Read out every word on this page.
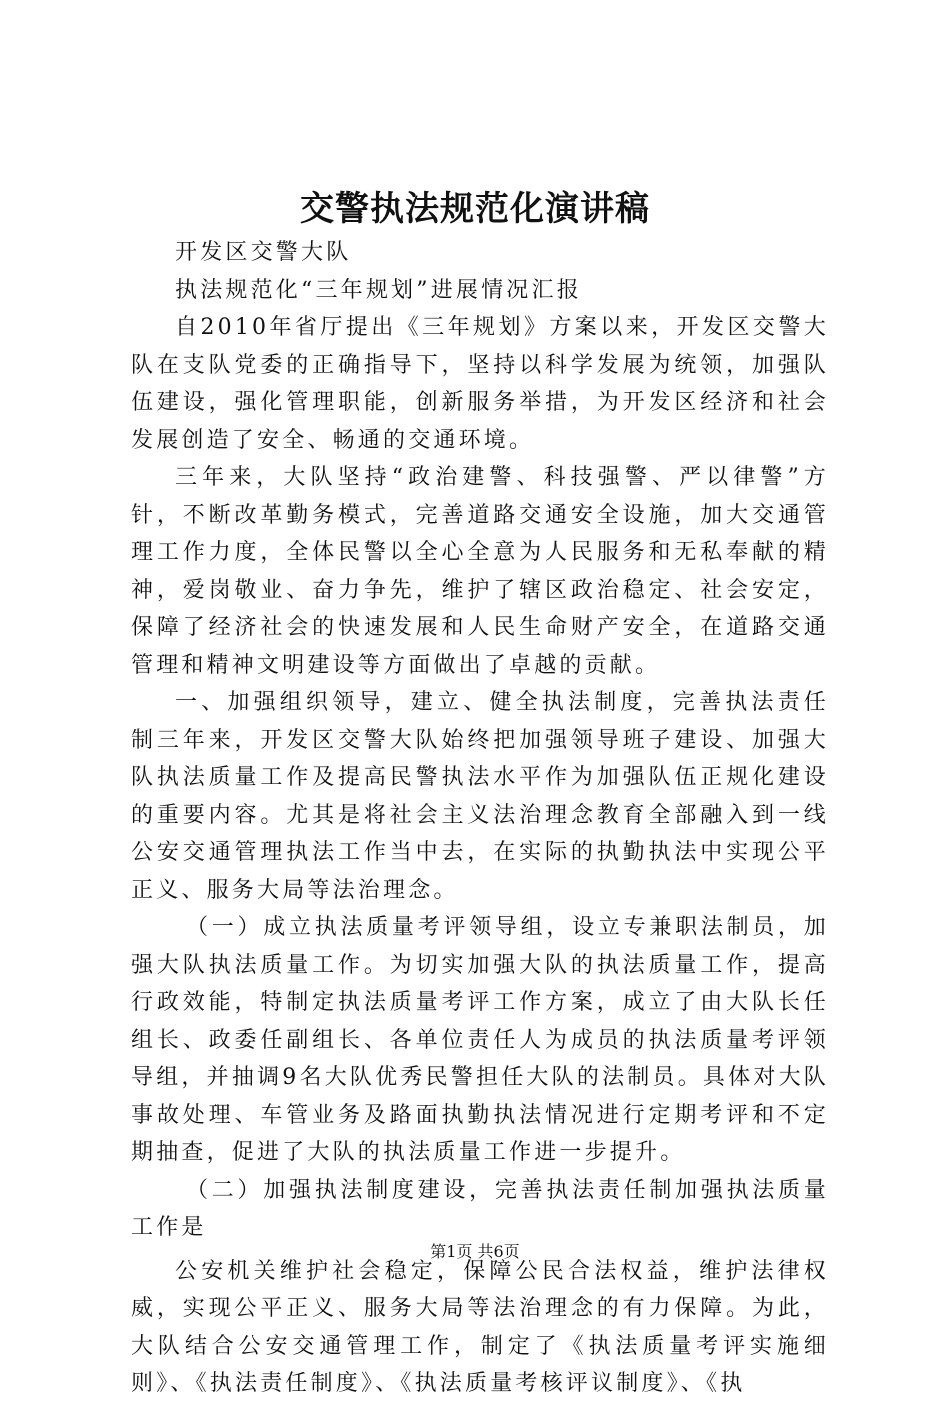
交警执法规范化演讲稿

开发区交警大队

执法规范化“三年规划”进展情况汇报

自2010年省厅提出《三年规划》方案以来，开发区交警大队在支队党委的正确指导下，坚持以科学发展为统领，加强队伍建设，强化管理职能，创新服务举措，为开发区经济和社会发展创造了安全、畅通的交通环境。

三年来，大队坚持“政治建警、科技强警、严以律警”方针，不断改革勤务模式，完善道路交通安全设施，加大交通管理工作力度，全体民警以全心全意为人民服务和无私奉献的精神，爱岗敬业、奋力争先，维护了辖区政治稳定、社会安定，保障了经济社会的快速发展和人民生命财产安全，在道路交通管理和精神文明建设等方面做出了卓越的贡献。

一、加强组织领导，建立、健全执法制度，完善执法责任制三年来，开发区交警大队始终把加强领导班子建设、加强大队执法质量工作及提高民警执法水平作为加强队伍正规化建设的重要内容。尤其是将社会主义法治理念教育全部融入到一线公安交通管理执法工作当中去，在实际的执勤执法中实现公平正义、服务大局等法治理念。

（一）成立执法质量考评领导组，设立专兼职法制员，加强大队执法质量工作。为切实加强大队的执法质量工作，提高行政效能，特制定执法质量考评工作方案，成立了由大队长任组长、政委任副组长、各单位责任人为成员的执法质量考评领导组，并抽调9名大队优秀民警担任大队的法制员。具体对大队事故处理、车管业务及路面执勤执法情况进行定期考评和不定期抽查，促进了大队的执法质量工作进一步提升。

（二）加强执法制度建设，完善执法责任制加强执法质量工作是

公安机关维护社会稳定，保障公民合法权益，维护法律权威，实现公平正义、服务大局等法治理念的有力保障。为此，大队结合公安交通管理工作，制定了《执法质量考评实施细则》、《执法责任制度》、《执法质量考核评议制度》、《执

第1页 共6页
